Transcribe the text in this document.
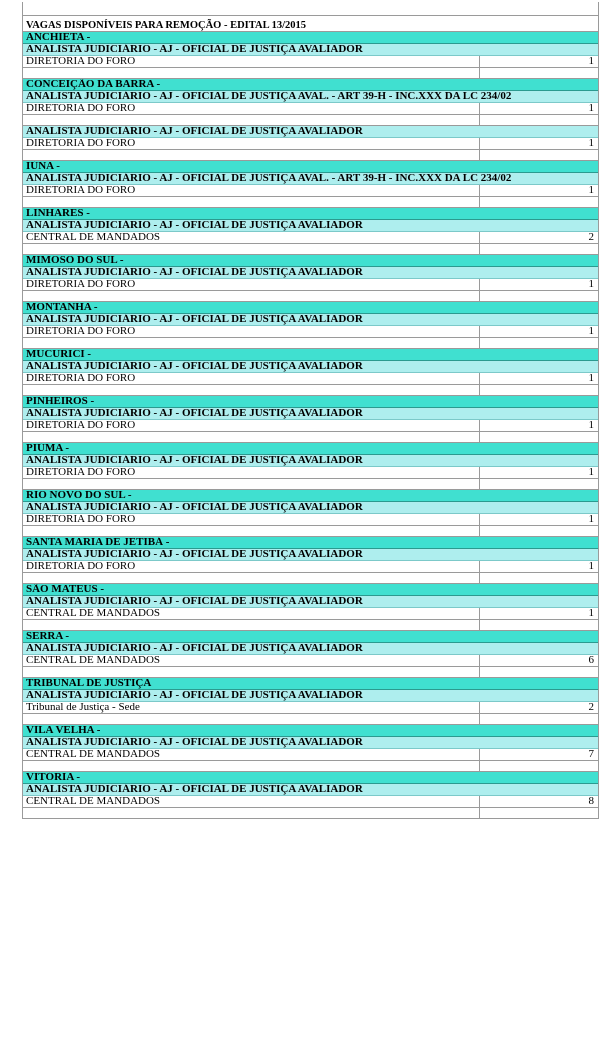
VAGAS DISPONÍVEIS PARA REMOÇÃO - EDITAL 13/2015
ANCHIETA -
ANALISTA JUDICIÁRIO - AJ - OFICIAL DE JUSTIÇA AVALIADOR
DIRETORIA DO FORO	1
CONCEIÇÃO DA BARRA -
ANALISTA JUDICIÁRIO - AJ - OFICIAL DE JUSTIÇA AVAL. - ART 39-H - INC.XXX DA LC 234/02
DIRETORIA DO FORO	1
ANALISTA JUDICIÁRIO - AJ - OFICIAL DE JUSTIÇA AVALIADOR
DIRETORIA DO FORO	1
IÚNA -
ANALISTA JUDICIÁRIO - AJ - OFICIAL DE JUSTIÇA AVAL. - ART 39-H - INC.XXX DA LC 234/02
DIRETORIA DO FORO	1
LINHARES -
ANALISTA JUDICIÁRIO - AJ - OFICIAL DE JUSTIÇA AVALIADOR
CENTRAL DE MANDADOS	2
MIMOSO DO SUL -
ANALISTA JUDICIÁRIO - AJ - OFICIAL DE JUSTIÇA AVALIADOR
DIRETORIA DO FORO	1
MONTANHA -
ANALISTA JUDICIÁRIO - AJ - OFICIAL DE JUSTIÇA AVALIADOR
DIRETORIA DO FORO	1
MUCURICI -
ANALISTA JUDICIÁRIO - AJ - OFICIAL DE JUSTIÇA AVALIADOR
DIRETORIA DO FORO	1
PINHEIROS -
ANALISTA JUDICIÁRIO - AJ - OFICIAL DE JUSTIÇA AVALIADOR
DIRETORIA DO FORO	1
PIÚMA -
ANALISTA JUDICIÁRIO - AJ - OFICIAL DE JUSTIÇA AVALIADOR
DIRETORIA DO FORO	1
RIO NOVO DO SUL -
ANALISTA JUDICIÁRIO - AJ - OFICIAL DE JUSTIÇA AVALIADOR
DIRETORIA DO FORO	1
SANTA MARIA DE JETIBÁ -
ANALISTA JUDICIÁRIO - AJ - OFICIAL DE JUSTIÇA AVALIADOR
DIRETORIA DO FORO	1
SÃO MATEUS -
ANALISTA JUDICIÁRIO - AJ - OFICIAL DE JUSTIÇA AVALIADOR
CENTRAL DE MANDADOS	1
SERRA -
ANALISTA JUDICIÁRIO - AJ - OFICIAL DE JUSTIÇA AVALIADOR
CENTRAL DE MANDADOS	6
TRIBUNAL DE JUSTIÇA
ANALISTA JUDICIÁRIO - AJ - OFICIAL DE JUSTIÇA AVALIADOR
Tribunal de Justiça - Sede	2
VILA VELHA -
ANALISTA JUDICIÁRIO - AJ - OFICIAL DE JUSTIÇA AVALIADOR
CENTRAL DE MANDADOS	7
VITÓRIA -
ANALISTA JUDICIÁRIO - AJ - OFICIAL DE JUSTIÇA AVALIADOR
CENTRAL DE MANDADOS	8
